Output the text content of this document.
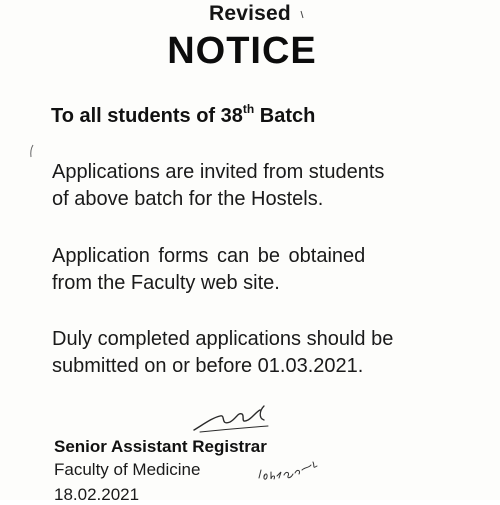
Revised
NOTICE
To all students of 38th Batch
Applications are invited from students
of above batch for the Hostels.
Application forms can be obtained
from the Faculty web site.
Duly completed applications should be
submitted on or before 01.03.2021.
Senior Assistant Registrar
Faculty of Medicine
18.02.2021
